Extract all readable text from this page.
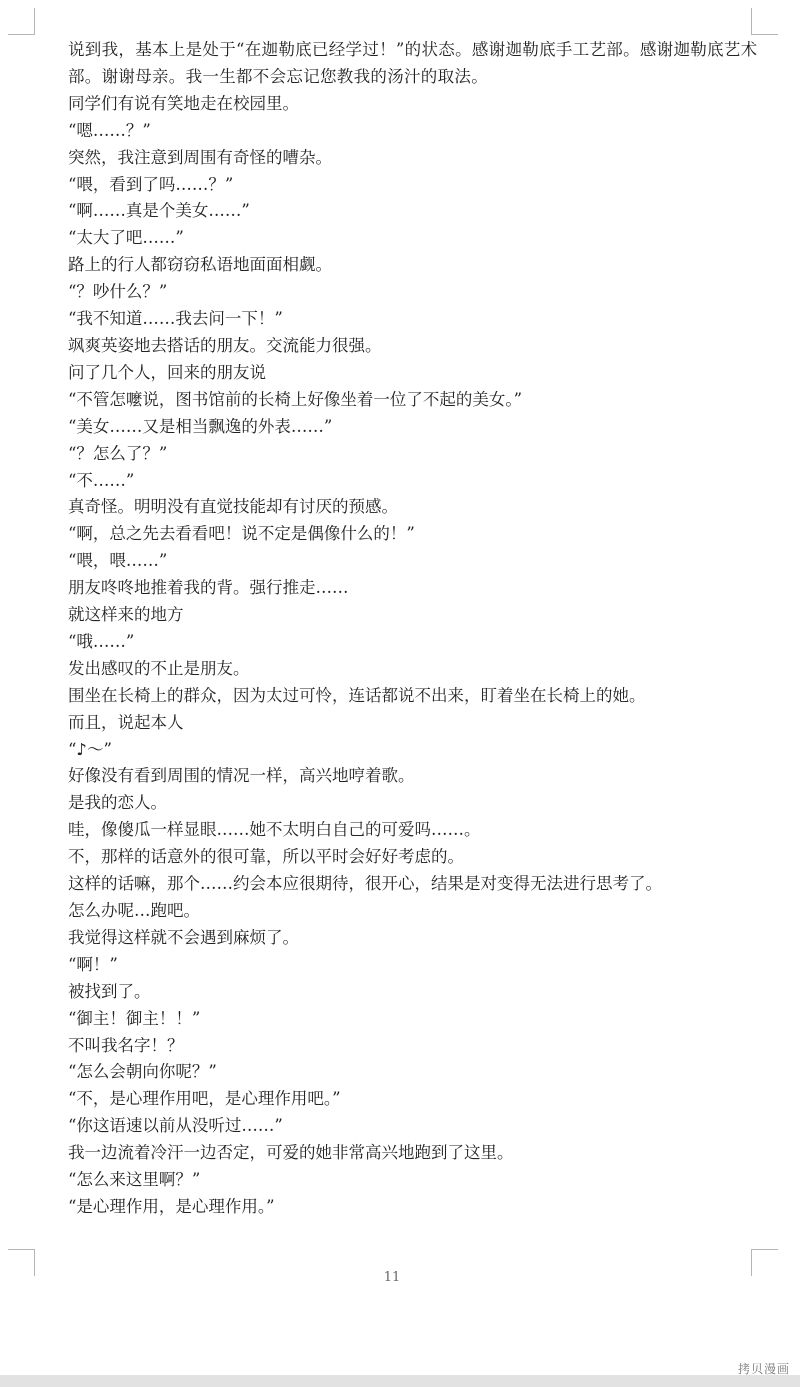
说到我，基本上是处于“在迦勒底已经学过！”的状态。感谢迦勒底手工艺部。感谢迦勒底艺术部。谢谢母亲。我一生都不会忘记您教我的汤汁的取法。

同学们有说有笑地走在校园里。

“嗯……？”

突然，我注意到周围有奇怪的嘈杂。

“喂，看到了吗……？”

“啊……真是个美女……”

“太大了吧……”

路上的行人都窃窃私语地面面相觑。

“？吵什么？”

“我不知道……我去问一下！”

飒爽英姿地去搭话的朋友。交流能力很强。

问了几个人，回来的朋友说

“不管怎嚒说，图书馆前的长椅上好像坐着一位了不起的美女。”

“美女……又是相当飘逸的外表……”

“？怎么了？”

“不……”

真奇怪。明明没有直觉技能却有讨厌的预感。

“啊，总之先去看看吧！说不定是偶像什么的！”

“喂，喂……”

朋友咚咚地推着我的背。强行推走……

就这样来的地方

“哦……”

发出感叹的不止是朋友。

围坐在长椅上的群众，因为太过可怜，连话都说不出来，盯着坐在长椅上的她。

而且，说起本人

“♪～”

好像没有看到周围的情况一样，高兴地哼着歌。

是我的恋人。

哇，像傻瓜一样显眼……她不太明白自己的可爱吗……。

不，那样的话意外的很可靠，所以平时会好好考虑的。

这样的话嘛，那个……约会本应很期待，很开心，结果是对变得无法进行思考了。

怎么办呢…跑吧。

我觉得这样就不会遇到麻烦了。

“啊！”

被找到了。

“御主！御主！！”

不叫我名字！？

“怎么会朝向你呢？”

“不，是心理作用吧，是心理作用吧。”

“你这语速以前从没听过……”

我一边流着冷汗一边否定，可爱的她非常高兴地跑到了这里。

“怎么来这里啊？”

“是心理作用，是心理作用。”

11
拷贝漫画
